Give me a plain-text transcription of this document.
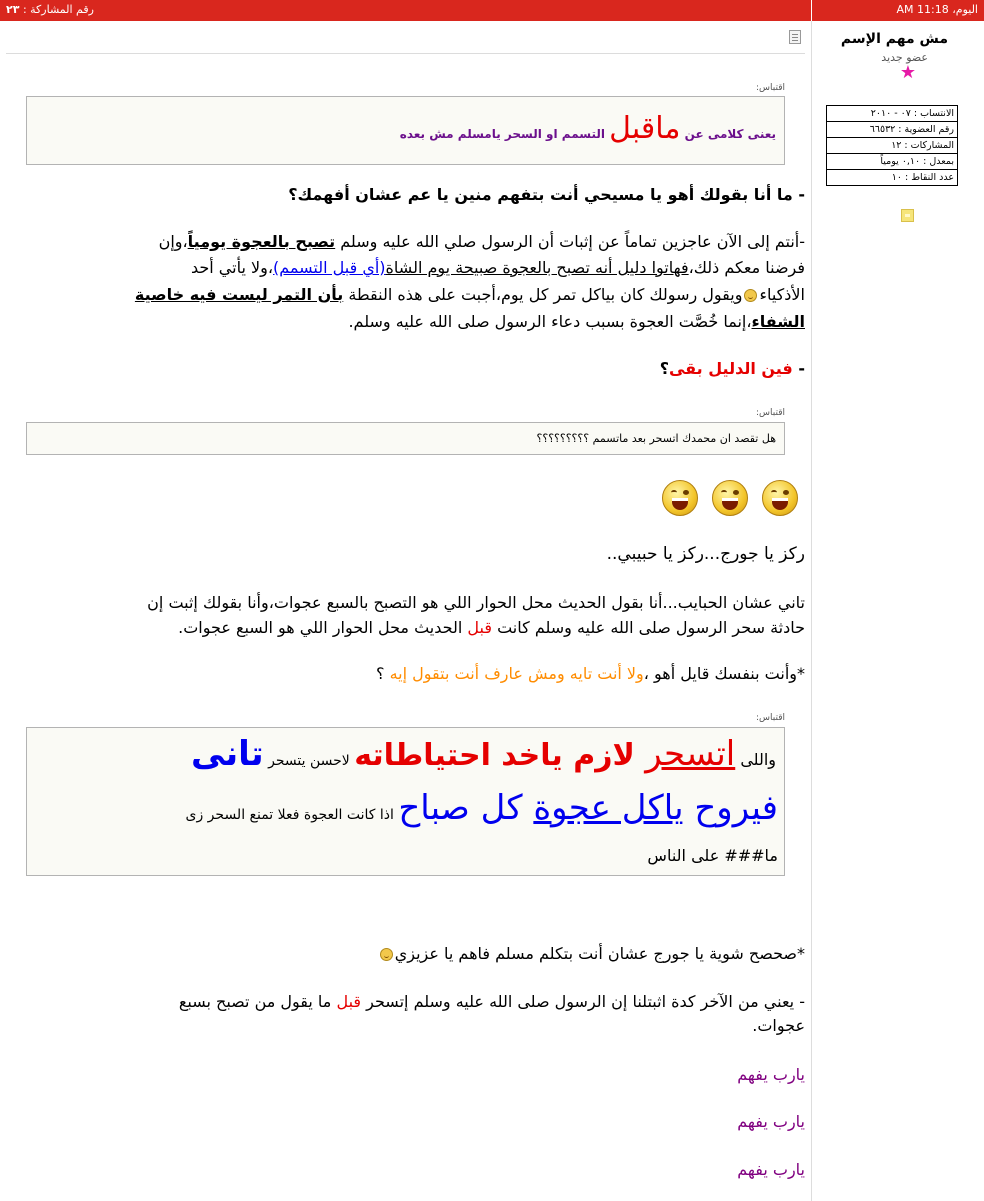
اليوم، 11:18 AM
رقم المشاركة : ٢٣
مش مهم الإسم
عضو جديد
★
الانتساب : ٠٧ - ٢٠١٠
رقم العضوية : ٦٦٥٣٢
المشاركات : ١٢
بمعدل : ٠,١٠ يومياً
عدد النقاط : ١٠
اقتباس:
يعنى كلامى عن ماقبل التسمم او السحر يامسلم مش بعده
- ما أنا بقولك أهو يا مسيحي أنت بتفهم منين يا عم عشان أفهمك؟
-أنتم إلى الآن عاجزين تماماً عن إثبات أن الرسول صلي الله عليه وسلم تصبح بالعجوة يومياً،وإن
فرضنا معكم ذلك،فهاتوا دليل أنه تصبح بالعجوة صبيحة يوم الشاة(أي قبل التسمم)،ولا يأتي أحد
الأذكياءويقول رسولك كان بياكل تمر كل يوم،أجبت على هذه النقطة بأن التمر ليست فيه خاصية
الشفاء،إنما خُصَّت العجوة بسبب دعاء الرسول صلى الله عليه وسلم.
- فين الدليل بقى؟
اقتباس:
هل تقصد ان محمدك اتسحر بعد ماتسمم ؟؟؟؟؟؟؟؟؟
ركز يا جورج...ركز يا حبيبي..
تاني عشان الحبايب...أنا بقول الحديث محل الحوار اللي هو التصبح بالسبع عجوات،وأنا بقولك إثبت إن
حادثة سحر الرسول صلى الله عليه وسلم كانت قبل الحديث محل الحوار اللي هو السبع عجوات.
*وأنت بنفسك قايل أهو ،ولا أنت تايه ومش عارف أنت بتقول إيه ؟
اقتباس:
واللى اتسحر لازم ياخد احتياطاته لاحسن يتسحر تانى
فيروح ياكل عجوة كل صباح اذا كانت العجوة فعلا تمنع السحر زى
ما### على الناس
*صحصح شوية يا جورج عشان أنت بتكلم مسلم فاهم يا عزيزي
- يعني من الآخر كدة اثبتلنا إن الرسول صلى الله عليه وسلم إتسحر قبل ما يقول من تصبح بسبع
عجوات.
يارب يفهم
يارب يفهم
يارب يفهم
